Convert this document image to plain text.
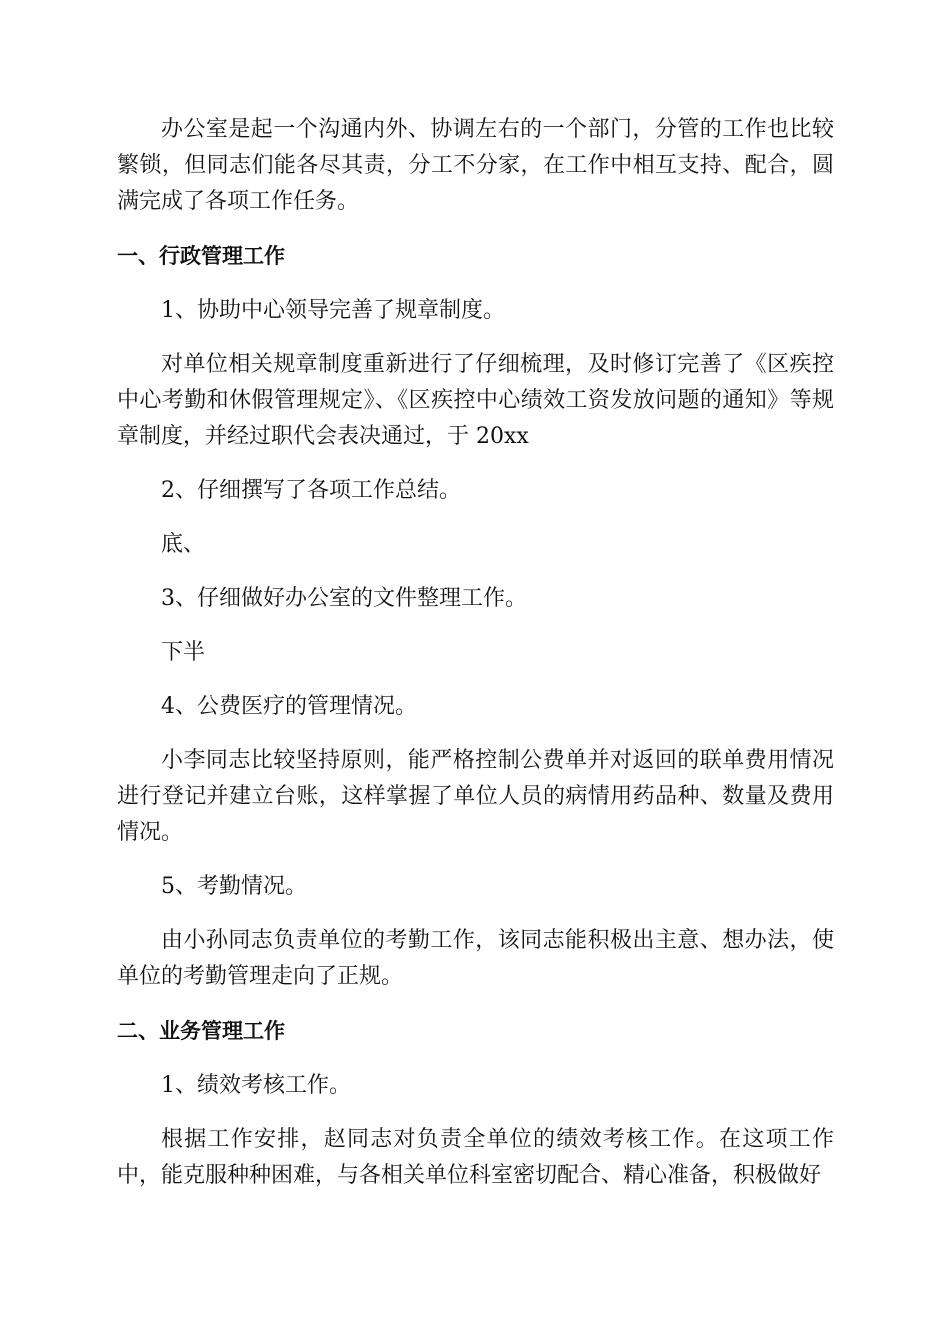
办公室是起一个沟通内外、协调左右的一个部门，分管的工作也比较繁锁，但同志们能各尽其责，分工不分家，在工作中相互支持、配合，圆满完成了各项工作任务。

一、行政管理工作

1、协助中心领导完善了规章制度。

对单位相关规章制度重新进行了仔细梳理，及时修订完善了《区疾控中心考勤和休假管理规定》、《区疾控中心绩效工资发放问题的通知》等规章制度，并经过职代会表决通过，于 20xx

2、仔细撰写了各项工作总结。

底、

3、仔细做好办公室的文件整理工作。

下半

4、公费医疗的管理情况。

小李同志比较坚持原则，能严格控制公费单并对返回的联单费用情况进行登记并建立台账，这样掌握了单位人员的病情用药品种、数量及费用情况。

5、考勤情况。

由小孙同志负责单位的考勤工作，该同志能积极出主意、想办法，使单位的考勤管理走向了正规。

二、业务管理工作

1、绩效考核工作。

根据工作安排，赵同志对负责全单位的绩效考核工作。在这项工作中，能克服种种困难，与各相关单位科室密切配合、精心准备，积极做好
